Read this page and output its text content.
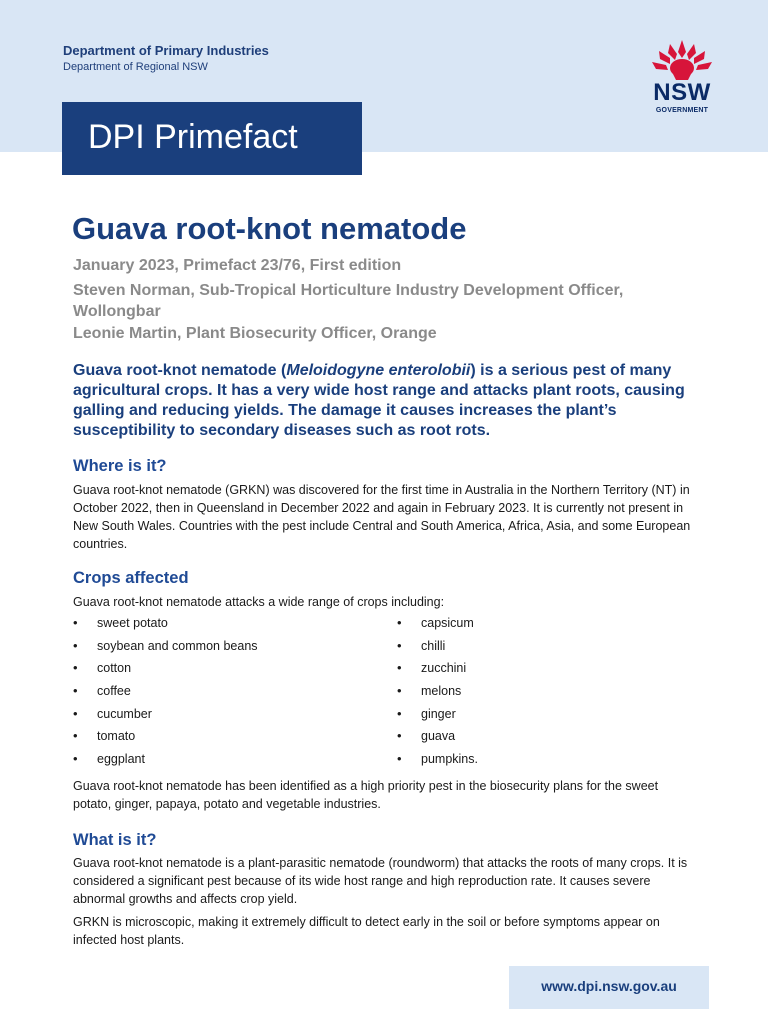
Department of Primary Industries
Department of Regional NSW
NSW
GOVERNMENT
DPI Primefact
Guava root-knot nematode
January 2023, Primefact 23/76, First edition
Steven Norman, Sub-Tropical Horticulture Industry Development Officer,
Wollongbar
Leonie Martin, Plant Biosecurity Officer, Orange

Guava root-knot nematode (Meloidogyne enterolobii) is a serious pest of many agricultural crops. It has a very wide host range and attacks plant roots, causing galling and reducing yields. The damage it causes increases the plant’s susceptibility to secondary diseases such as root rots.

Where is it?

Guava root-knot nematode (GRKN) was discovered for the first time in Australia in the Northern Territory (NT) in October 2022, then in Queensland in December 2022 and again in February 2023. It is currently not present in New South Wales. Countries with the pest include Central and South America, Africa, Asia, and some European countries.

Crops affected

Guava root-knot nematode attacks a wide range of crops including:

• sweet potato
• soybean and common beans
• cotton
• coffee
• cucumber
• tomato
• eggplant
• capsicum
• chilli
• zucchini
• melons
• ginger
• guava
• pumpkins.

Guava root-knot nematode has been identified as a high priority pest in the biosecurity plans for the sweet potato, ginger, papaya, potato and vegetable industries.

What is it?

Guava root-knot nematode is a plant-parasitic nematode (roundworm) that attacks the roots of many crops. It is considered a significant pest because of its wide host range and high reproduction rate. It causes severe abnormal growths and affects crop yield.

GRKN is microscopic, making it extremely difficult to detect early in the soil or before symptoms appear on infected host plants.

www.dpi.nsw.gov.au
